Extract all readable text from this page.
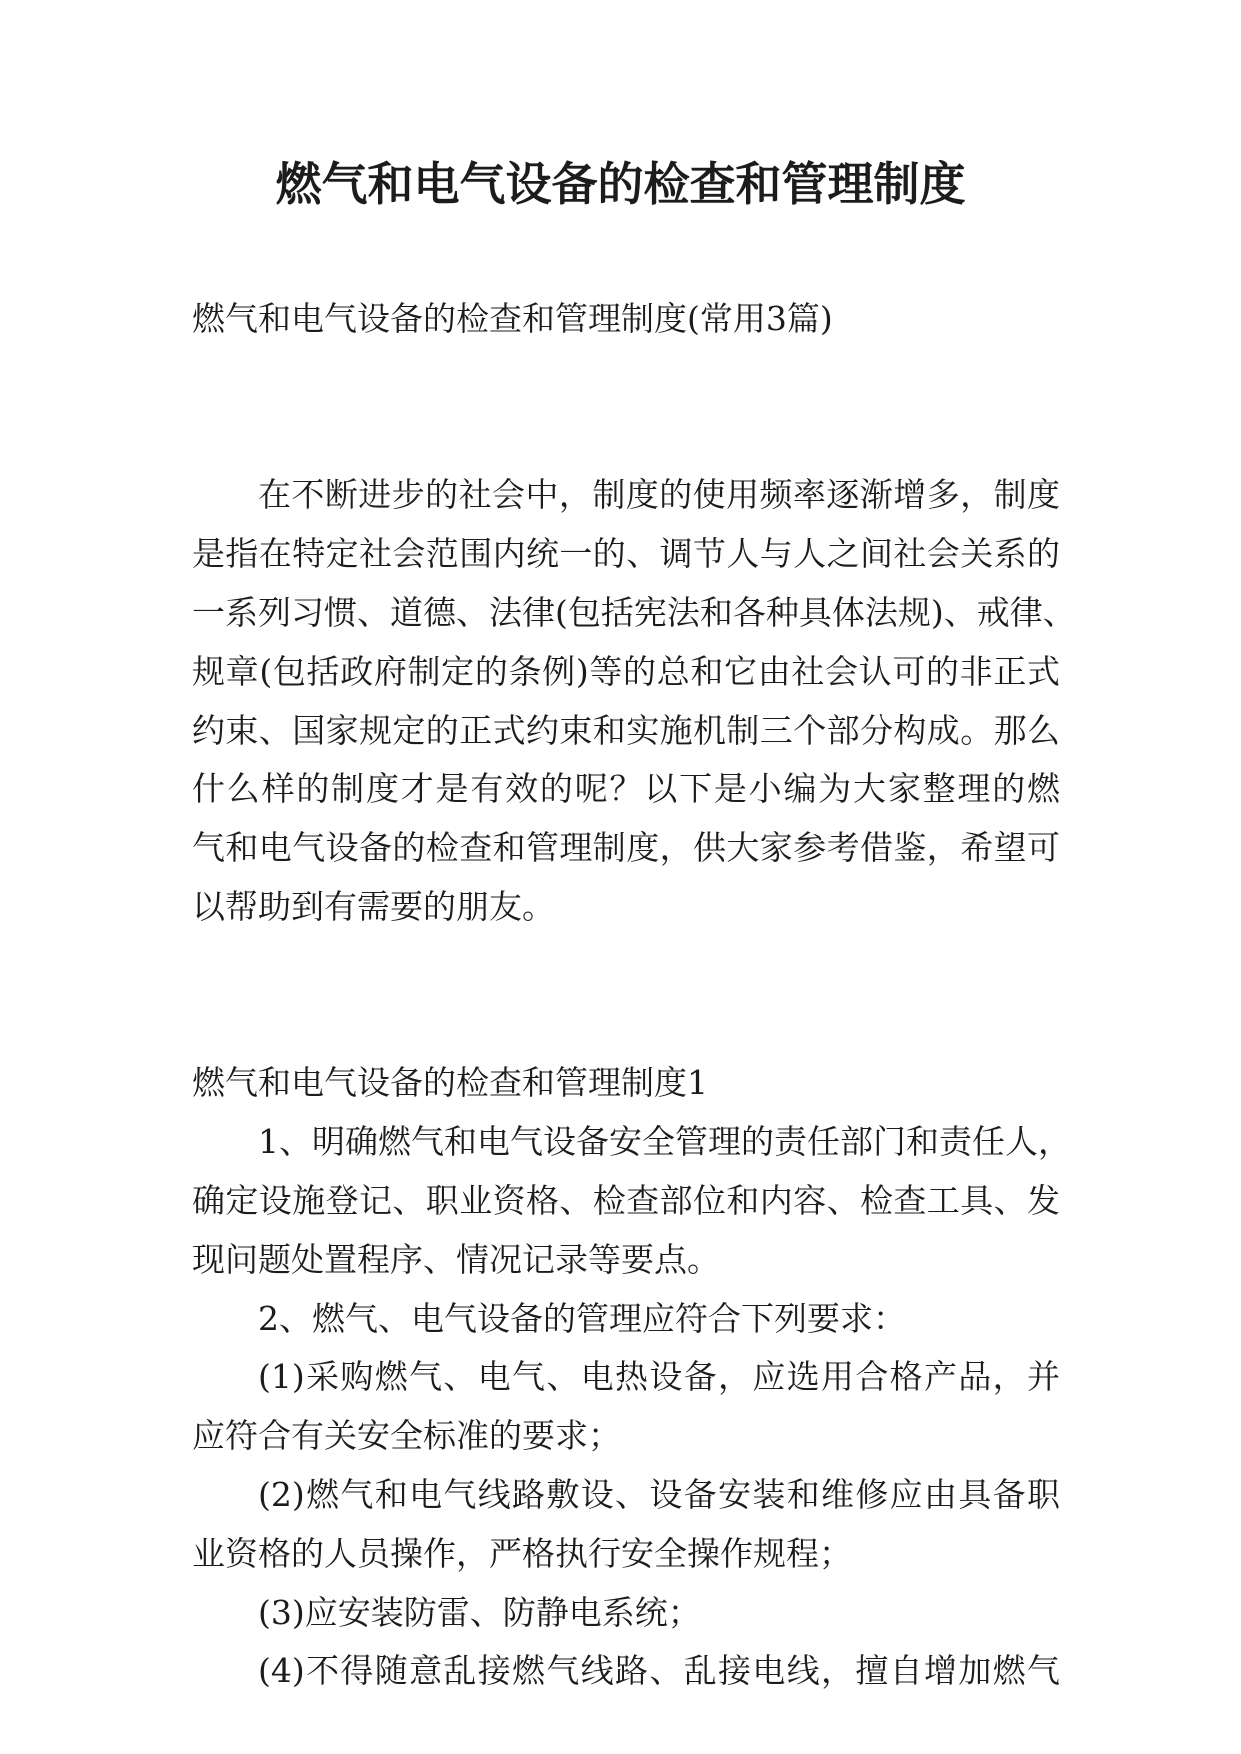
燃气和电气设备的检查和管理制度
燃气和电气设备的检查和管理制度(常用3篇)
在不断进步的社会中，制度的使用频率逐渐增多，制度
是指在特定社会范围内统一的、调节人与人之间社会关系的
一系列习惯、道德、法律(包括宪法和各种具体法规)、戒律、
规章(包括政府制定的条例)等的总和它由社会认可的非正式
约束、国家规定的正式约束和实施机制三个部分构成。那么
什么样的制度才是有效的呢？以下是小编为大家整理的燃
气和电气设备的检查和管理制度，供大家参考借鉴，希望可
以帮助到有需要的朋友。
燃气和电气设备的检查和管理制度1
1、明确燃气和电气设备安全管理的责任部门和责任人，
确定设施登记、职业资格、检查部位和内容、检查工具、发
现问题处置程序、情况记录等要点。
2、燃气、电气设备的管理应符合下列要求：
(1)采购燃气、电气、电热设备，应选用合格产品，并
应符合有关安全标准的要求；
(2)燃气和电气线路敷设、设备安装和维修应由具备职
业资格的人员操作，严格执行安全操作规程；
(3)应安装防雷、防静电系统；
(4)不得随意乱接燃气线路、乱接电线，擅自增加燃气
